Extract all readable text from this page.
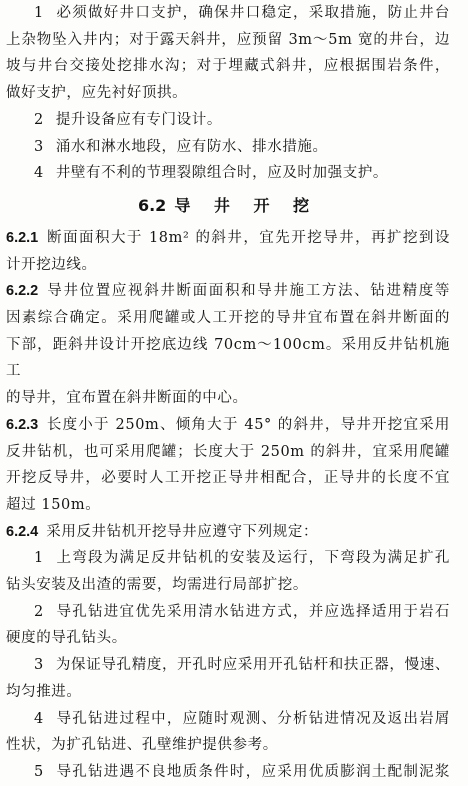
1 必须做好井口支护，确保井口稳定，采取措施，防止井台
上杂物坠入井内；对于露天斜井，应预留 3m～5m 宽的井台，边
坡与井台交接处挖排水沟；对于埋藏式斜井，应根据围岩条件，

做好支护，应先衬好顶拱。

2 提升设备应有专门设计。

3 涌水和淋水地段，应有防水、排水措施。

4 井壁有不利的节理裂隙组合时，应及时加强支护。

6.2 导 井 开 挖

6.2.1 断面面积大于 18m² 的斜井，宜先开挖导井，再扩挖到设

计开挖边线。

6.2.2 导井位置应视斜井断面面积和导井施工方法、钻进精度等
因素综合确定。采用爬罐或人工开挖的导井宜布置在斜井断面的
下部，距斜井设计开挖底边线 70cm～100cm。采用反井钻机施工

的导井，宜布置在斜井断面的中心。

6.2.3 长度小于 250m、倾角大于 45° 的斜井，导井开挖宜采用
反井钻机，也可采用爬罐；长度大于 250m 的斜井，宜采用爬罐
开挖反导井，必要时人工开挖正导井相配合，正导井的长度不宜

超过 150m。

6.2.4 采用反井钻机开挖导井应遵守下列规定：

1 上弯段为满足反井钻机的安装及运行，下弯段为满足扩孔

钻头安装及出渣的需要，均需进行局部扩挖。

2 导孔钻进宜优先采用清水钻进方式，并应选择适用于岩石

硬度的导孔钻头。

3 为保证导孔精度，开孔时应采用开孔钻杆和扶正器，慢速、

均匀推进。

4 导孔钻进过程中，应随时观测、分析钻进情况及返出岩屑

性状，为扩孔钻进、孔壁维护提供参考。

5 导孔钻进遇不良地质条件时，应采用优质膨润土配制泥浆
